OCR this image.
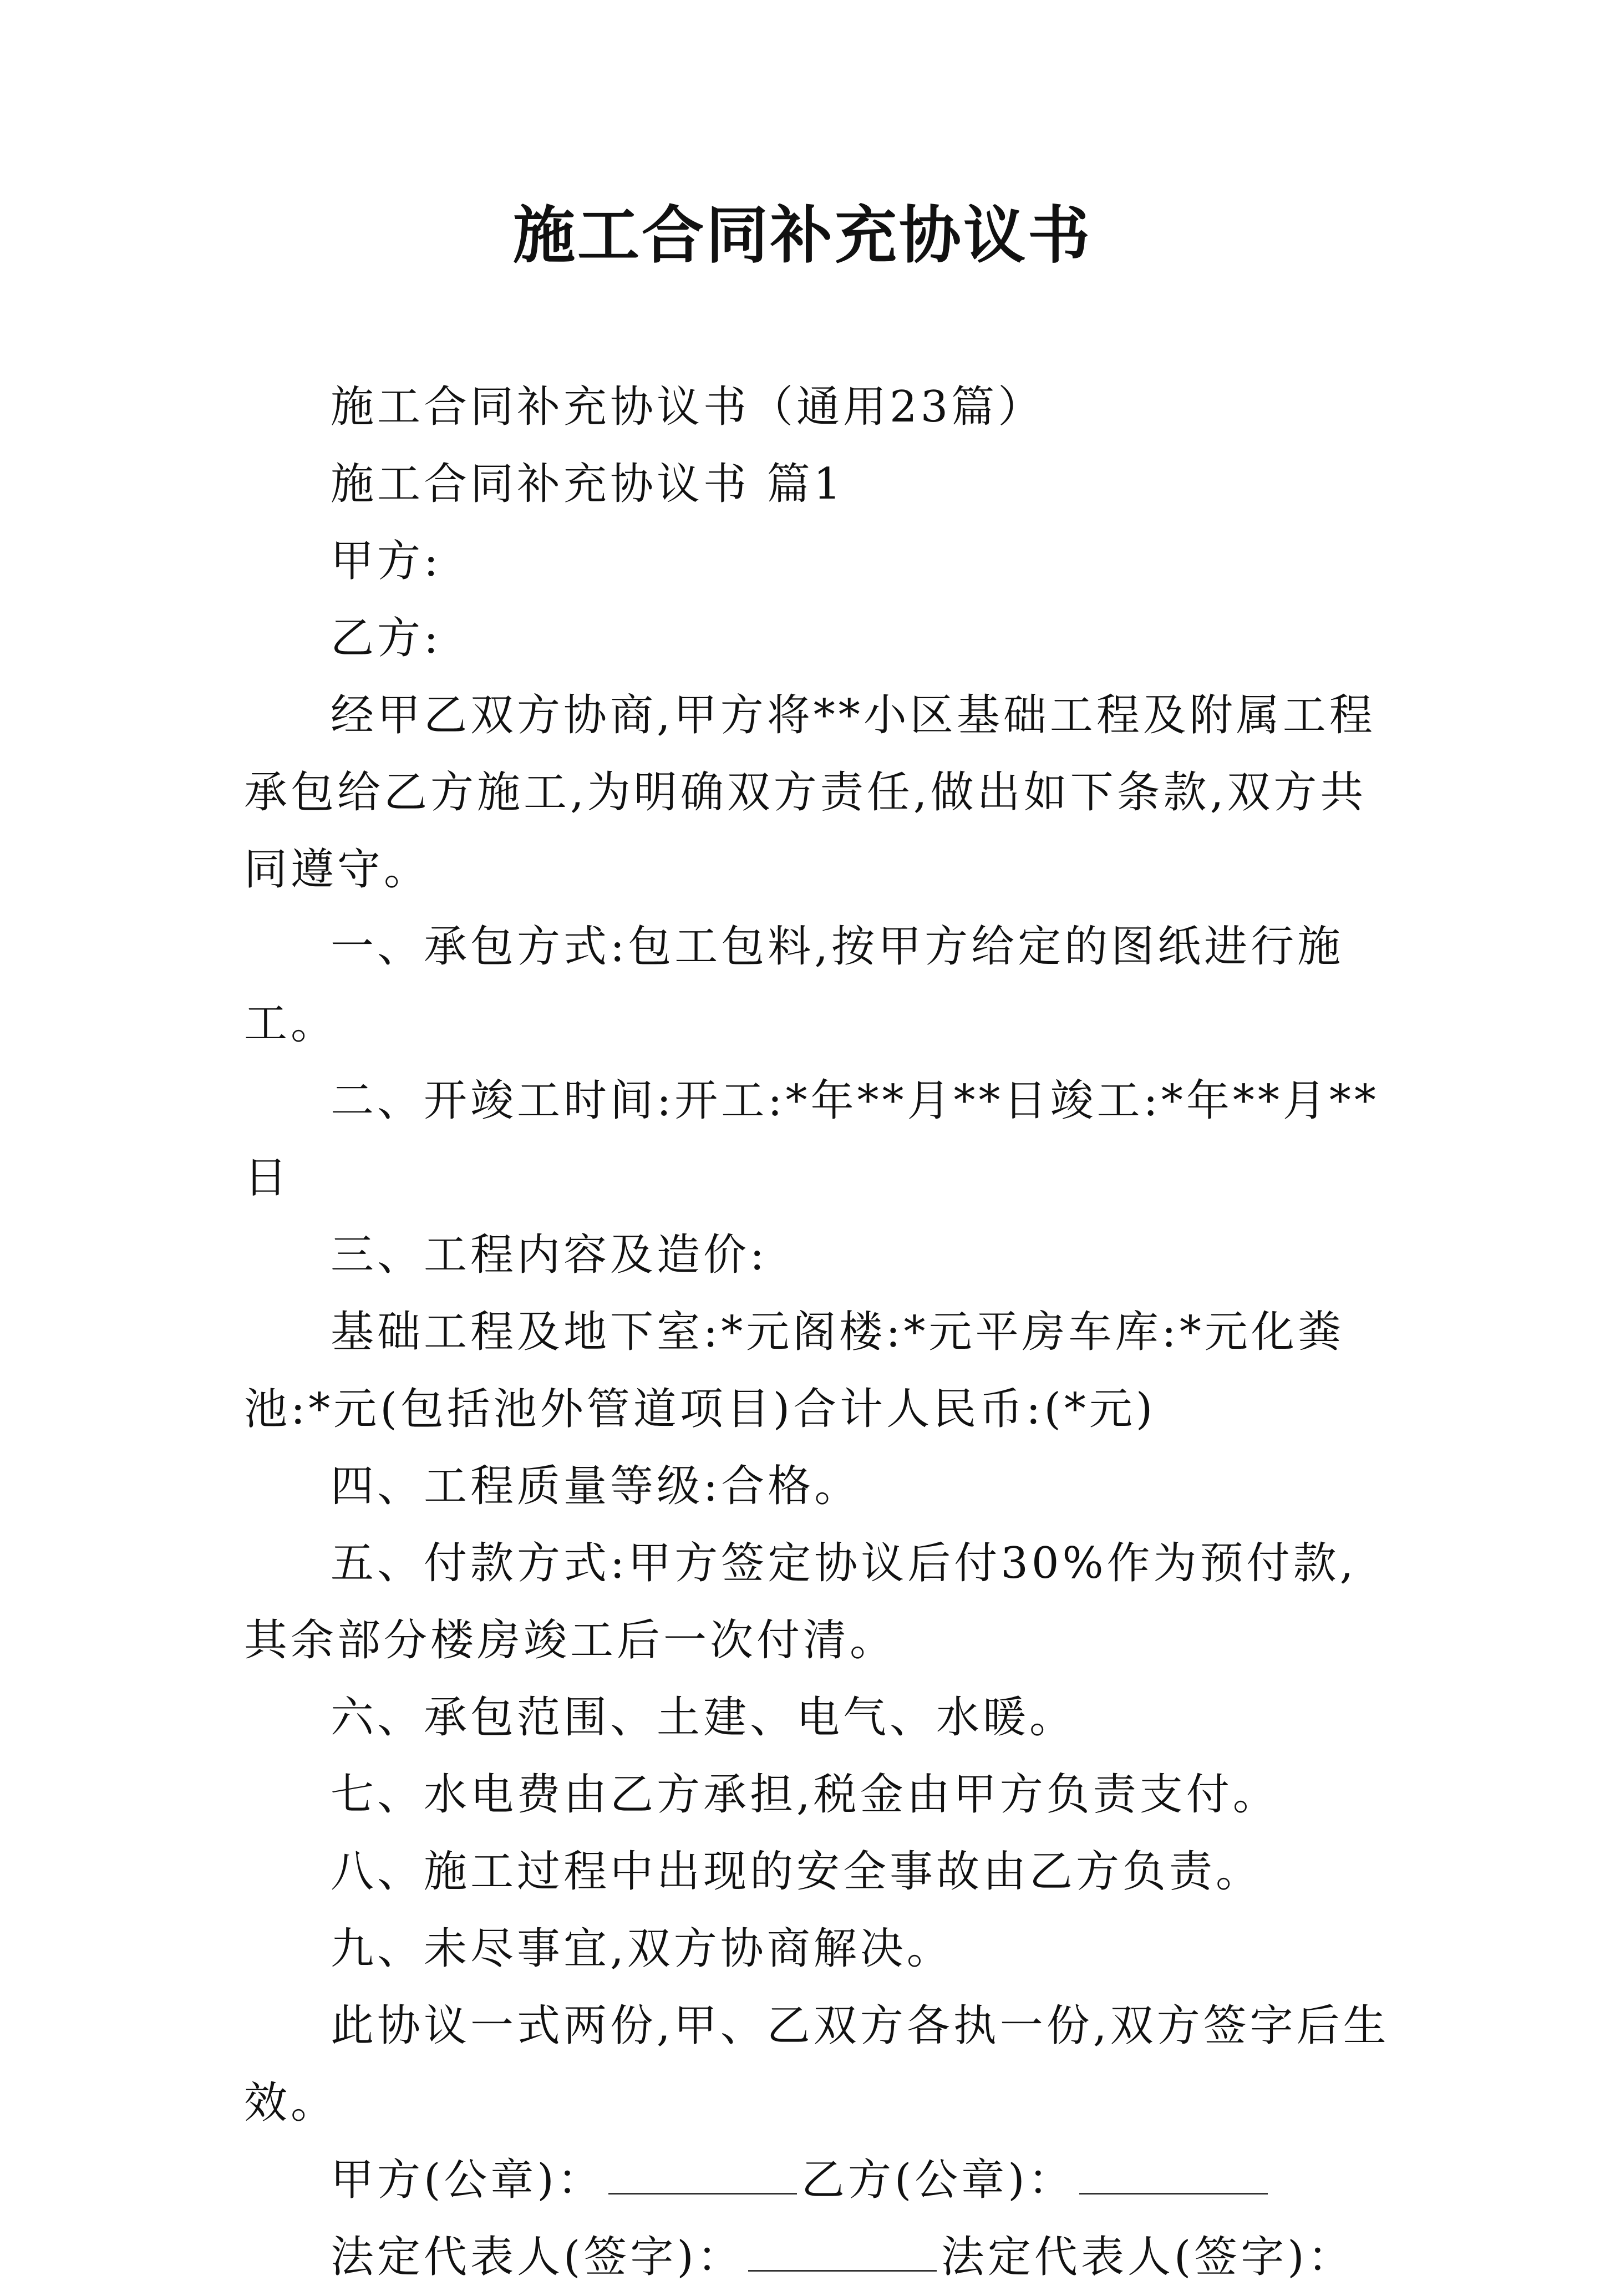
施工合同补充协议书

施工合同补充协议书（通用23篇）

施工合同补充协议书 篇1

甲方:

乙方:

经甲乙双方协商,甲方将**小区基础工程及附属工程承包给乙方施工,为明确双方责任,做出如下条款,双方共同遵守。

一、承包方式:包工包料,按甲方给定的图纸进行施工。

二、开竣工时间:开工:*年**月**日竣工:*年**月**日

三、工程内容及造价:

基础工程及地下室:*元阁楼:*元平房车库:*元化粪池:*元(包括池外管道项目)合计人民币:(*元)

四、工程质量等级:合格。

五、付款方式:甲方签定协议后付30%作为预付款,其余部分楼房竣工后一次付清。

六、承包范围、土建、电气、水暖。

七、水电费由乙方承担,税金由甲方负责支付。

八、施工过程中出现的安全事故由乙方负责。

九、未尽事宜,双方协商解决。

此协议一式两份,甲、乙双方各执一份,双方签字后生效。

甲方(公章)：	乙方(公章)：

法定代表人(签字)：	法定代表人(签字)：
